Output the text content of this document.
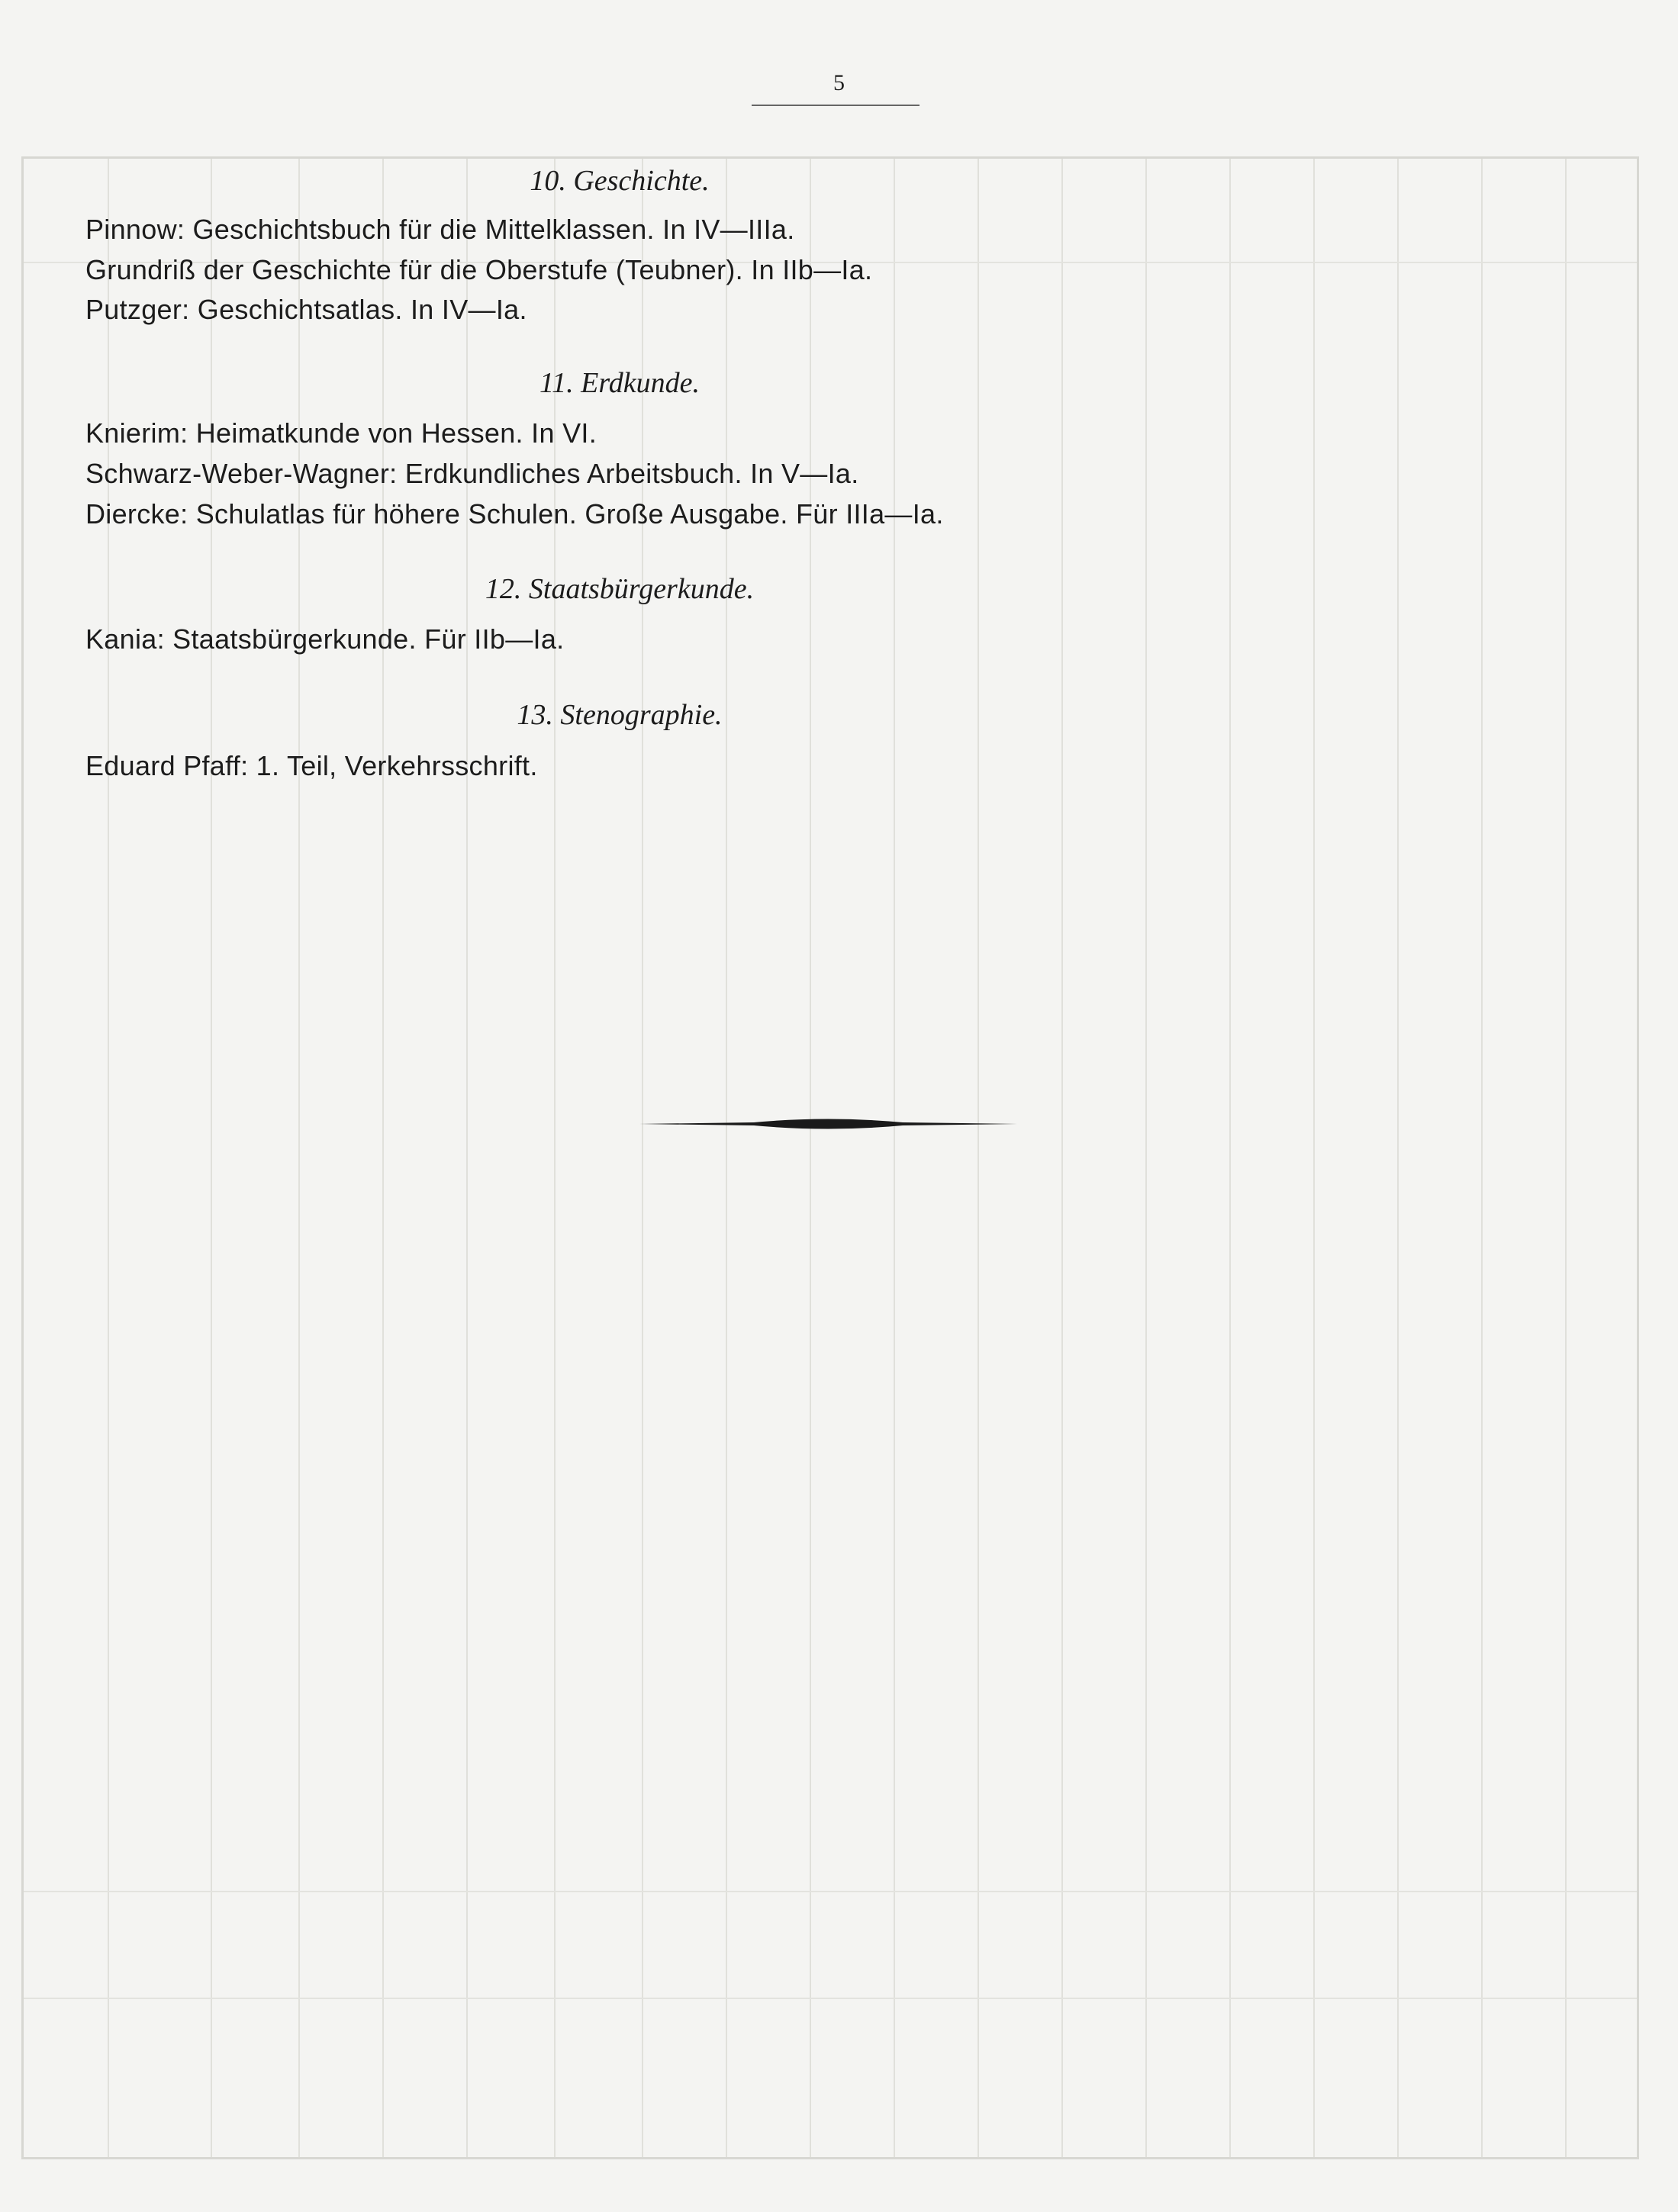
5
10. Geschichte.
Pinnow: Geschichtsbuch für die Mittelklassen. In IV—IIIa.
Grundriß der Geschichte für die Oberstufe (Teubner). In IIb—Ia.
Putzger: Geschichtsatlas. In IV—Ia.
11. Erdkunde.
Knierim: Heimatkunde von Hessen. In VI.
Schwarz-Weber-Wagner: Erdkundliches Arbeitsbuch. In V—Ia.
Diercke: Schulatlas für höhere Schulen. Große Ausgabe. Für IIIa—Ia.
12. Staatsbürgerkunde.
Kania: Staatsbürgerkunde. Für IIb—Ia.
13. Stenographie.
Eduard Pfaff: 1. Teil, Verkehrsschrift.
